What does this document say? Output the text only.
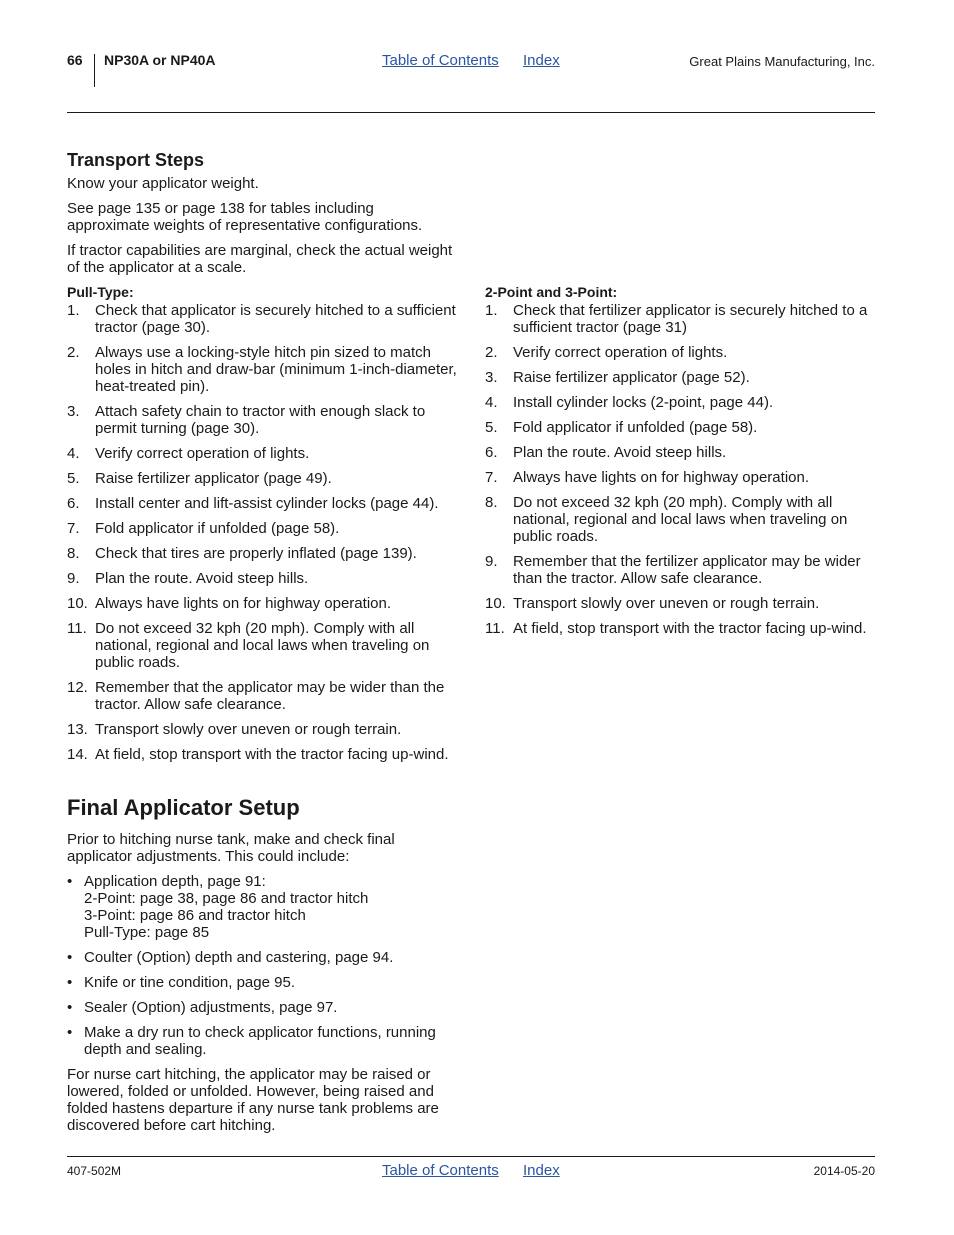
66 NP30A or NP40A	Table of Contents Index	Great Plains Manufacturing, Inc.
Transport Steps

Know your applicator weight.

See page 135 or page 138 for tables including approximate weights of representative configurations.

If tractor capabilities are marginal, check the actual weight of the applicator at a scale.

Pull-Type:
1. Check that applicator is securely hitched to a sufficient tractor (page 30).
2. Always use a locking-style hitch pin sized to match holes in hitch and draw-bar (minimum 1-inch-diameter, heat-treated pin).
3. Attach safety chain to tractor with enough slack to permit turning (page 30).
4. Verify correct operation of lights.
5. Raise fertilizer applicator (page 49).
6. Install center and lift-assist cylinder locks (page 44).
7. Fold applicator if unfolded (page 58).
8. Check that tires are properly inflated (page 139).
9. Plan the route. Avoid steep hills.
10. Always have lights on for highway operation.
11. Do not exceed 32 kph (20 mph). Comply with all national, regional and local laws when traveling on public roads.
12. Remember that the applicator may be wider than the tractor. Allow safe clearance.
13. Transport slowly over uneven or rough terrain.
14. At field, stop transport with the tractor facing up-wind.
2-Point and 3-Point:
1. Check that fertilizer applicator is securely hitched to a sufficient tractor (page 31)
2. Verify correct operation of lights.
3. Raise fertilizer applicator (page 52).
4. Install cylinder locks (2-point, page 44).
5. Fold applicator if unfolded (page 58).
6. Plan the route. Avoid steep hills.
7. Always have lights on for highway operation.
8. Do not exceed 32 kph (20 mph). Comply with all national, regional and local laws when traveling on public roads.
9. Remember that the fertilizer applicator may be wider than the tractor. Allow safe clearance.
10. Transport slowly over uneven or rough terrain.
11. At field, stop transport with the tractor facing up-wind.
Final Applicator Setup
Prior to hitching nurse tank, make and check final applicator adjustments. This could include:
• Application depth, page 91:
2-Point: page 38, page 86 and tractor hitch
3-Point: page 86 and tractor hitch
Pull-Type: page 85
• Coulter (Option) depth and castering, page 94.
• Knife or tine condition, page 95.
• Sealer (Option) adjustments, page 97.
• Make a dry run to check applicator functions, running depth and sealing.
For nurse cart hitching, the applicator may be raised or lowered, folded or unfolded. However, being raised and folded hastens departure if any nurse tank problems are discovered before cart hitching.
407-502M	Table of Contents Index	2014-05-20
